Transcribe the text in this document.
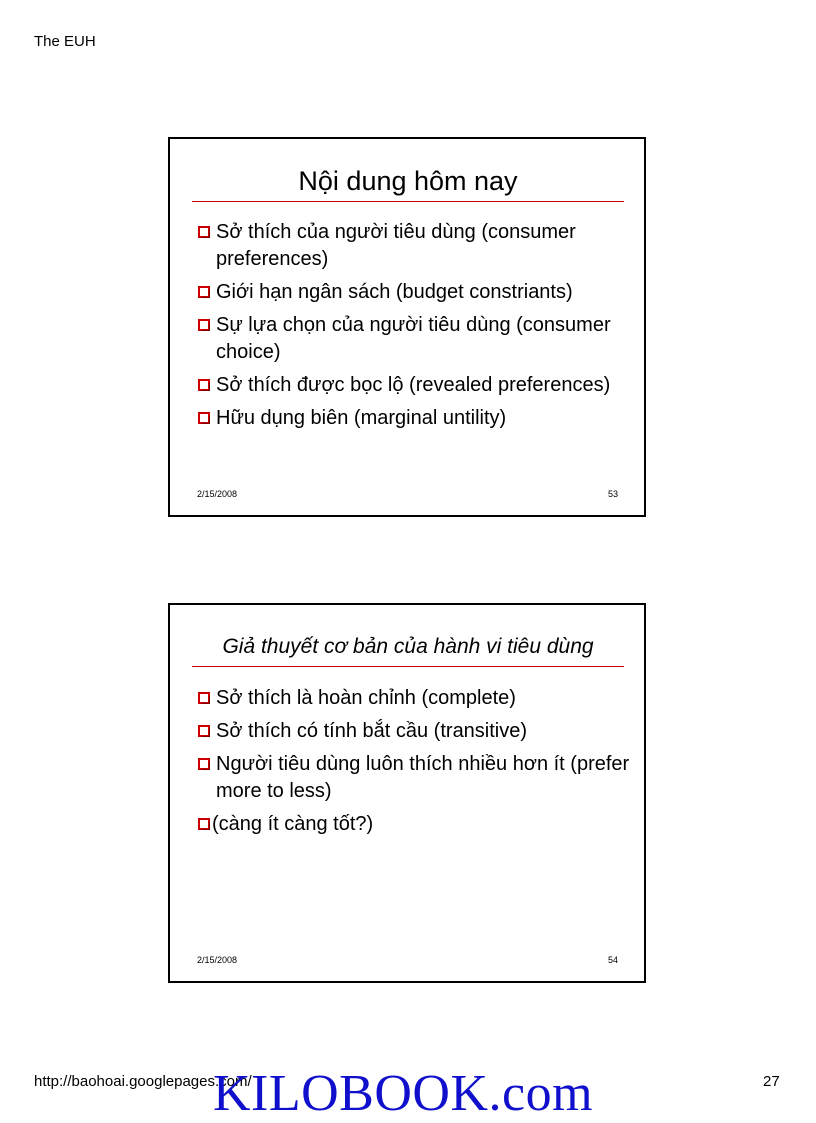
The EUH
Nội dung hôm nay
Sở thích của người tiêu dùng (consumer preferences)
Giới hạn ngân sách (budget constriants)
Sự lựa chọn của người tiêu dùng (consumer choice)
Sở thích được bọc lộ (revealed preferences)
Hữu dụng biên (marginal untility)
2/15/2008	53
Giả thuyết cơ bản của hành vi tiêu dùng
Sở thích là hoàn chỉnh (complete)
Sở thích có tính bắt cầu (transitive)
Người tiêu dùng luôn thích nhiều hơn ít (prefer more to less)
(càng ít càng tốt?)
2/15/2008	54
http://baohoai.googlepages.com/	27
KILOBOOK.com
